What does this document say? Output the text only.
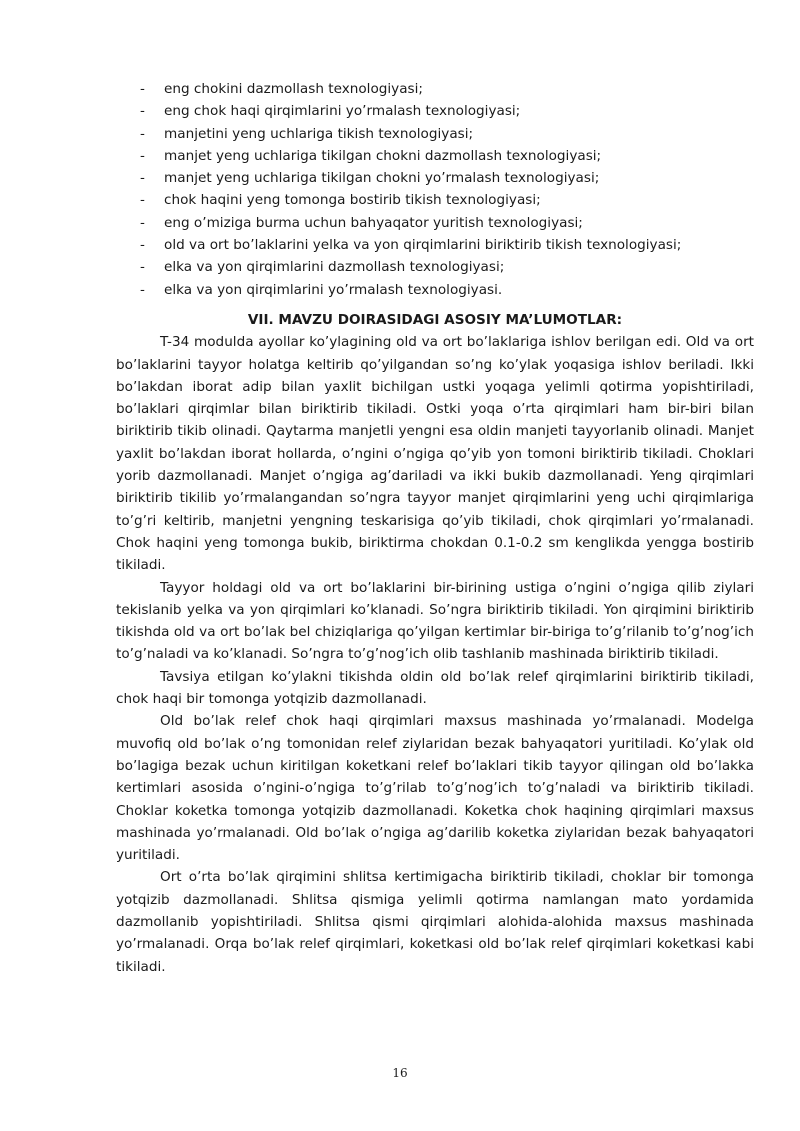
- eng chokini dazmollash texnologiyasi;
- eng chok haqi qirqimlarini yo’rmalash texnologiyasi;
- manjetini yeng uchlariga tikish texnologiyasi;
- manjet yeng uchlariga tikilgan chokni dazmollash texnologiyasi;
- manjet yeng uchlariga tikilgan chokni yo’rmalash texnologiyasi;
- chok haqini yeng tomonga bostirib tikish texnologiyasi;
- eng o’miziga burma uchun bahyaqator yuritish texnologiyasi;
- old va ort bo’laklarini yelka va yon qirqimlarini biriktirib tikish texnologiyasi;
- elka va yon qirqimlarini dazmollash texnologiyasi;
- elka va yon qirqimlarini yo’rmalash texnologiyasi.
VII. MAVZU DOIRASIDAGI ASOSIY MA’LUMOTLAR:

T-34 modulda ayollar ko’ylagining old va ort bo’laklariga ishlov berilgan edi. Old va ort bo’laklarini tayyor holatga keltirib qo’yilgandan so’ng ko’ylak yoqasiga ishlov beriladi. Ikki bo’lakdan iborat adip bilan yaxlit bichilgan ustki yoqaga yelimli qotirma yopishtiriladi, bo’laklari qirqimlar bilan biriktirib tikiladi. Ostki yoqa o’rta qirqimlari ham bir-biri bilan biriktirib tikib olinadi. Qaytarma manjetli yengni esa oldin manjeti tayyorlanib olinadi. Manjet yaxlit bo’lakdan iborat hollarda, o’ngini o’ngiga qo’yib yon tomoni biriktirib tikiladi. Choklari yorib dazmollanadi. Manjet o’ngiga ag’dariladi va ikki bukib dazmollanadi. Yeng qirqimlari biriktirib tikilib yo’rmalangandan so’ngra tayyor manjet qirqimlarini yeng uchi qirqimlariga to’g’ri keltirib, manjetni yengning teskarisiga qo’yib tikiladi, chok qirqimlari yo’rmalanadi. Chok haqini yeng tomonga bukib, biriktirma chokdan 0.1-0.2 sm kenglikda yengga bostirib tikiladi.

Tayyor holdagi old va ort bo’laklarini bir-birining ustiga o’ngini o’ngiga qilib ziylari tekislanib yelka va yon qirqimlari ko’klanadi. So’ngra biriktirib tikiladi. Yon qirqimini biriktirib tikishda old va ort bo’lak bel chiziqlariga qo’yilgan kertimlar bir-biriga to’g’rilanib to’g’nog’ich to’g’naladi va ko’klanadi. So’ngra to’g’nog’ich olib tashlanib mashinada biriktirib tikiladi.

Tavsiya etilgan ko’ylakni tikishda oldin old bo’lak relef qirqimlarini biriktirib tikiladi, chok haqi bir tomonga yotqizib dazmollanadi.

Old bo’lak relef chok haqi qirqimlari maxsus mashinada yo’rmalanadi. Modelga muvofiq old bo’lak o’ng tomonidan relef ziylaridan bezak bahyaqatori yuritiladi. Ko’ylak old bo’lagiga bezak uchun kiritilgan koketkani relef bo’laklari tikib tayyor qilingan old bo’lakka kertimlari asosida o’ngini-o’ngiga to’g’rilab to’g’nog’ich to’g’naladi va biriktirib tikiladi. Choklar koketka tomonga yotqizib dazmollanadi. Koketka chok haqining qirqimlari maxsus mashinada yo’rmalanadi. Old bo’lak o’ngiga ag’darilib koketka ziylaridan bezak bahyaqatori yuritiladi.

Ort o’rta bo’lak qirqimini shlitsa kertimigacha biriktirib tikiladi, choklar bir tomonga yotqizib dazmollanadi. Shlitsa qismiga yelimli qotirma namlangan mato yordamida dazmollanib yopishtiriladi. Shlitsa qismi qirqimlari alohida-alohida maxsus mashinada yo’rmalanadi. Orqa bo’lak relef qirqimlari, koketkasi old bo’lak relef qirqimlari koketkasi kabi tikiladi.

16
